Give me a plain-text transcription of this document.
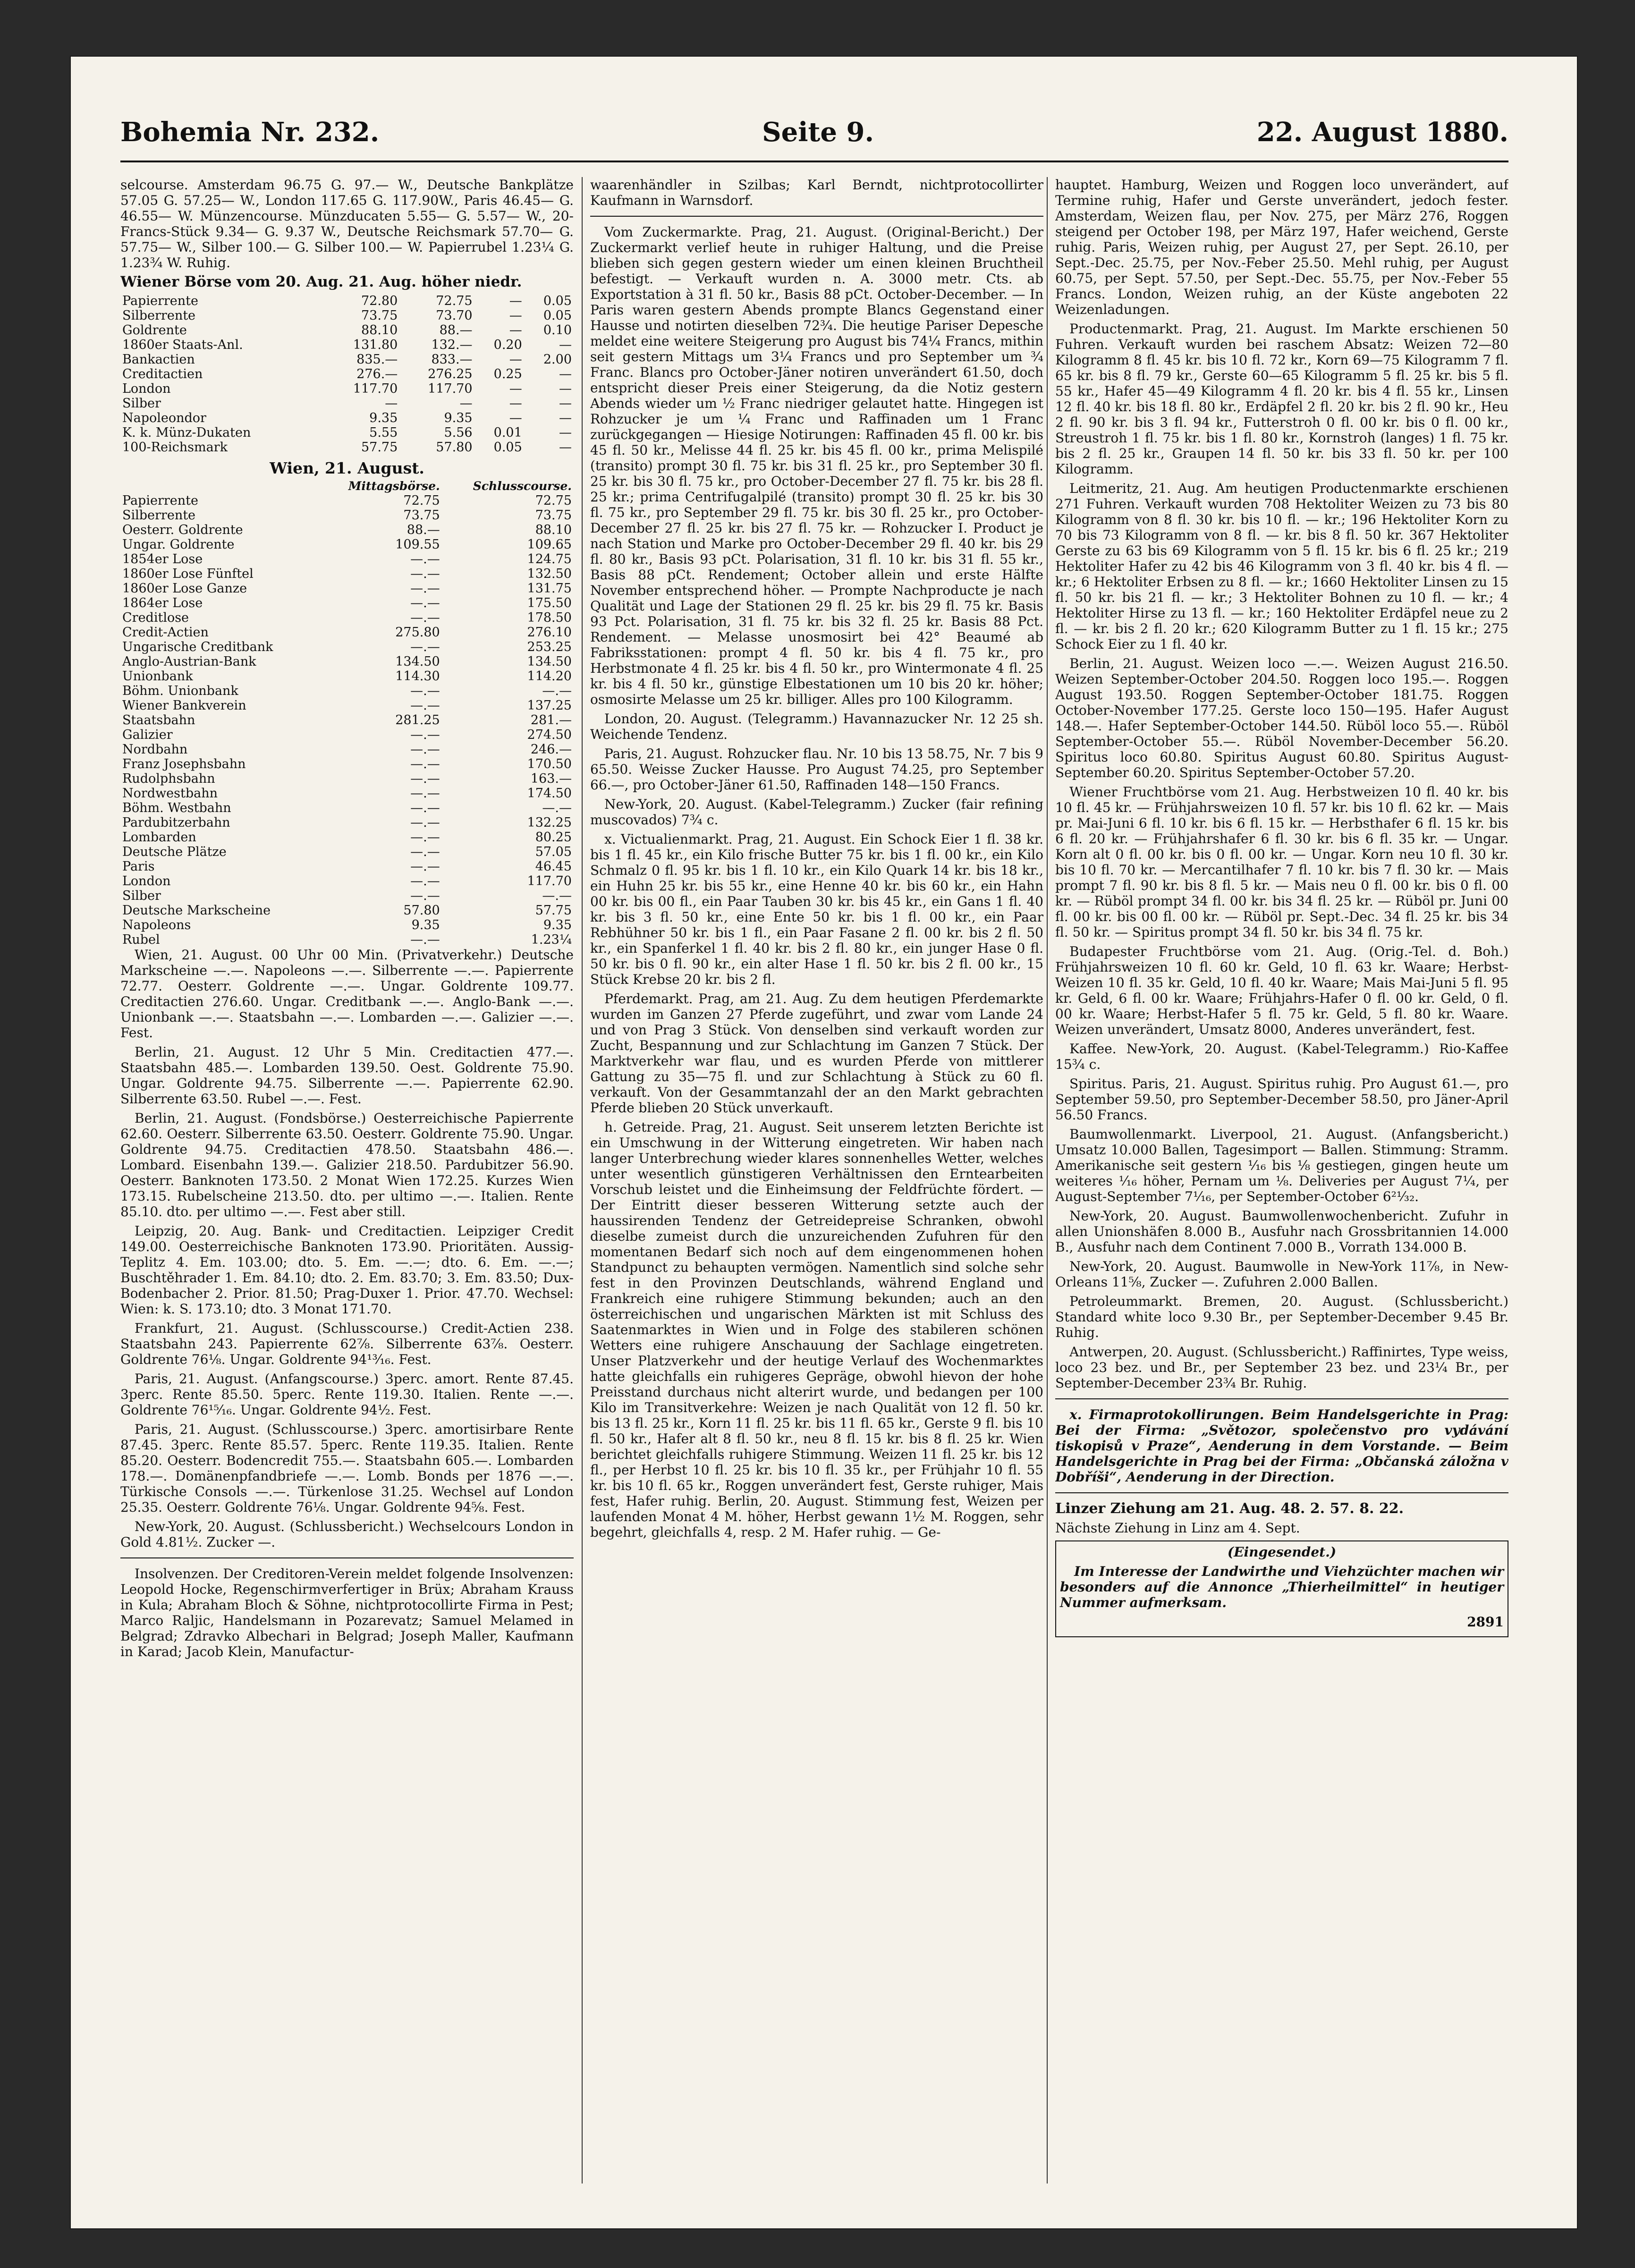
Bohemia Nr. 232.	Seite 9.	22. August 1880.

selcourse. Amsterdam 96.75 G. 97.— W., Deutsche Bankplätze 57.05 G. 57.25— W., London 117.65 G. 117.90W., Paris 46.45— G. 46.55— W. Münzencourse. Münzducaten 5.55— G. 5.57— W., 20-Francs-Stück 9.34— G. 9.37 W., Deutsche Reichsmark 57.70— G. 57.75— W., Silber 100.— G. Silber 100.— W. Papierrubel 1.23¼ G. 1.23¾ W. Ruhig.

Wiener Börse vom 20. Aug. 21. Aug. höher niedr.

Papierrente	72.80	72.75	—	0.05
Silberrente	73.75	73.70	—	0.05
Goldrente	88.10	88.—	—	0.10
1860er Staats-Anl.	131.80	132.—	0.20	—
Bankactien	835.—	833.—	—	2.00
Creditactien	276.—	276.25	0.25	—
London	117.70	117.70	—	—
Silber	—	—	—	—
Napoleondor	9.35	9.35	—	—
K. k. Münz-Dukaten	5.55	5.56	0.01	—
100-Reichsmark	57.75	57.80	0.05	—
Wien, 21. August.
	Mittagsbörse.	Schlusscourse.
Papierrente	72.75	72.75
Silberrente	73.75	73.75
Oesterr. Goldrente	88.—	88.10
Ungar. Goldrente	109.55	109.65
1854er Lose	—.—	124.75
1860er Lose Fünftel	—.—	132.50
1860er Lose Ganze	—.—	131.75
1864er Lose	—.—	175.50
Creditlose	—.—	178.50
Credit-Actien	275.80	276.10
Ungarische Creditbank	—.—	253.25
Anglo-Austrian-Bank	134.50	134.50
Unionbank	114.30	114.20
Böhm. Unionbank	—.—	—.—
Wiener Bankverein	—.—	137.25
Staatsbahn	281.25	281.—
Galizier	—.—	274.50
Nordbahn	—.—	246.—
Franz Josephsbahn	—.—	170.50
Rudolphsbahn	—.—	163.—
Nordwestbahn	—.—	174.50
Böhm. Westbahn	—.—	—.—
Pardubitzerbahn	—.—	132.25
Lombarden	—.—	80.25
Deutsche Plätze	—.—	57.05
Paris	—.—	46.45
London	—.—	117.70
Silber	—.—	—.—
Deutsche Markscheine	57.80	57.75
Napoleons	9.35	9.35
Rubel	—.—	1.23¼

Wien, 21. August. 00 Uhr 00 Min. (Privatverkehr.) Deutsche Markscheine —.—. Napoleons —.—. Silberrente —.—. Papierrente 72.77. Oesterr. Goldrente —.—. Ungar. Goldrente 109.77. Creditactien 276.60. Ungar. Creditbank —.—. Anglo-Bank —.—. Unionbank —.—. Staatsbahn —.—. Lombarden —.—. Galizier —.—. Fest.

Berlin, 21. August. 12 Uhr 5 Min. Creditactien 477.—. Staatsbahn 485.—. Lombarden 139.50. Oest. Goldrente 75.90. Ungar. Goldrente 94.75. Silberrente —.—. Papierrente 62.90. Silberrente 63.50. Rubel —.—. Fest.

Berlin, 21. August. (Fondsbörse.) Oesterreichische Papierrente 62.60. Oesterr. Silberrente 63.50. Oesterr. Goldrente 75.90. Ungar. Goldrente 94.75. Creditactien 478.50. Staatsbahn 486.—. Lombard. Eisenbahn 139.—. Galizier 218.50. Pardubitzer 56.90. Oesterr. Banknoten 173.50. 2 Monat Wien 172.25. Kurzes Wien 173.15. Rubelscheine 213.50. dto. per ultimo —.—. Italien. Rente 85.10. dto. per ultimo —.—. Fest aber still.

Leipzig, 20. Aug. Bank- und Creditactien. Leipziger Credit 149.00. Oesterreichische Banknoten 173.90. Prioritäten. Aussig-Teplitz 4. Em. 103.00; dto. 5. Em. —.—; dto. 6. Em. —.—; Buschtěhrader 1. Em. 84.10; dto. 2. Em. 83.70; 3. Em. 83.50; Dux-Bodenbacher 2. Prior. 81.50; Prag-Duxer 1. Prior. 47.70. Wechsel: Wien: k. S. 173.10; dto. 3 Monat 171.70.

Frankfurt, 21. August. (Schlusscourse.) Credit-Actien 238. Staatsbahn 243. Papierrente 62⅞. Silberrente 63⅞. Oesterr. Goldrente 76⅛. Ungar. Goldrente 94¹³⁄₁₆. Fest.

Paris, 21. August. (Anfangscourse.) 3perc. amort. Rente 87.45. 3perc. Rente 85.50. 5perc. Rente 119.30. Italien. Rente —.—. Goldrente 76¹⁵⁄₁₆. Ungar. Goldrente 94½. Fest.

Paris, 21. August. (Schlusscourse.) 3perc. amortisirbare Rente 87.45. 3perc. Rente 85.57. 5perc. Rente 119.35. Italien. Rente 85.20. Oesterr. Bodencredit 755.—. Staatsbahn 605.—. Lombarden 178.—. Domänenpfandbriefe —.—. Lomb. Bonds per 1876 —.—. Türkische Consols —.—. Türkenlose 31.25. Wechsel auf London 25.35. Oesterr. Goldrente 76⅛. Ungar. Goldrente 94⅝. Fest.

New-York, 20. August. (Schlussbericht.) Wechselcours London in Gold 4.81½. Zucker —.

Insolvenzen. Der Creditoren-Verein meldet folgende Insolvenzen: Leopold Hocke, Regenschirmverfertiger in Brüx; Abraham Krauss in Kula; Abraham Bloch & Söhne, nichtprotocollirte Firma in Pest; Marco Raljic, Handelsmann in Pozarevatz; Samuel Melamed in Belgrad; Zdravko Albechari in Belgrad; Joseph Maller, Kaufmann in Karad; Jacob Klein, Manufactur-

waarenhändler in Szilbas; Karl Berndt, nichtprotocollirter Kaufmann in Warnsdorf.

Vom Zuckermarkte. Prag, 21. August. (Original-Bericht.) Der Zuckermarkt verlief heute in ruhiger Haltung, und die Preise blieben sich gegen gestern wieder um einen kleinen Bruchtheil befestigt. — Verkauft wurden n. A. 3000 metr. Cts. ab Exportstation à 31 fl. 50 kr., Basis 88 pCt. October-December. — In Paris waren gestern Abends prompte Blancs Gegenstand einer Hausse und notirten dieselben 72¾. Die heutige Pariser Depesche meldet eine weitere Steigerung pro August bis 74¼ Francs, mithin seit gestern Mittags um 3¼ Francs und pro September um ¾ Franc. Blancs pro October-Jäner notiren unverändert 61.50, doch entspricht dieser Preis einer Steigerung, da die Notiz gestern Abends wieder um ½ Franc niedriger gelautet hatte. Hingegen ist Rohzucker je um ¼ Franc und Raffinaden um 1 Franc zurückgegangen — Hiesige Notirungen: Raffinaden 45 fl. 00 kr. bis 45 fl. 50 kr., Melisse 44 fl. 25 kr. bis 45 fl. 00 kr., prima Melispilé (transito) prompt 30 fl. 75 kr. bis 31 fl. 25 kr., pro September 30 fl. 25 kr. bis 30 fl. 75 kr., pro October-December 27 fl. 75 kr. bis 28 fl. 25 kr.; prima Centrifugalpilé (transito) prompt 30 fl. 25 kr. bis 30 fl. 75 kr., pro September 29 fl. 75 kr. bis 30 fl. 25 kr., pro October-December 27 fl. 25 kr. bis 27 fl. 75 kr. — Rohzucker I. Product je nach Station und Marke pro October-December 29 fl. 40 kr. bis 29 fl. 80 kr., Basis 93 pCt. Polarisation, 31 fl. 10 kr. bis 31 fl. 55 kr., Basis 88 pCt. Rendement; October allein und erste Hälfte November entsprechend höher. — Prompte Nachproducte je nach Qualität und Lage der Stationen 29 fl. 25 kr. bis 29 fl. 75 kr. Basis 93 Pct. Polarisation, 31 fl. 75 kr. bis 32 fl. 25 kr. Basis 88 Pct. Rendement. — Melasse unosmosirt bei 42° Beaumé ab Fabriksstationen: prompt 4 fl. 50 kr. bis 4 fl. 75 kr., pro Herbstmonate 4 fl. 25 kr. bis 4 fl. 50 kr., pro Wintermonate 4 fl. 25 kr. bis 4 fl. 50 kr., günstige Elbestationen um 10 bis 20 kr. höher; osmosirte Melasse um 25 kr. billiger. Alles pro 100 Kilogramm.

London, 20. August. (Telegramm.) Havannazucker Nr. 12 25 sh. Weichende Tendenz.

Paris, 21. August. Rohzucker flau. Nr. 10 bis 13 58.75, Nr. 7 bis 9 65.50. Weisse Zucker Hausse. Pro August 74.25, pro September 66.—, pro October-Jäner 61.50, Raffinaden 148—150 Francs.

New-York, 20. August. (Kabel-Telegramm.) Zucker (fair refining muscovados) 7¾ c.

x. Victualienmarkt. Prag, 21. August. Ein Schock Eier 1 fl. 38 kr. bis 1 fl. 45 kr., ein Kilo frische Butter 75 kr. bis 1 fl. 00 kr., ein Kilo Schmalz 0 fl. 95 kr. bis 1 fl. 10 kr., ein Kilo Quark 14 kr. bis 18 kr., ein Huhn 25 kr. bis 55 kr., eine Henne 40 kr. bis 60 kr., ein Hahn 00 kr. bis 00 fl., ein Paar Tauben 30 kr. bis 45 kr., ein Gans 1 fl. 40 kr. bis 3 fl. 50 kr., eine Ente 50 kr. bis 1 fl. 00 kr., ein Paar Rebhühner 50 kr. bis 1 fl., ein Paar Fasane 2 fl. 00 kr. bis 2 fl. 50 kr., ein Spanferkel 1 fl. 40 kr. bis 2 fl. 80 kr., ein junger Hase 0 fl. 50 kr. bis 0 fl. 90 kr., ein alter Hase 1 fl. 50 kr. bis 2 fl. 00 kr., 15 Stück Krebse 20 kr. bis 2 fl.

Pferdemarkt. Prag, am 21. Aug. Zu dem heutigen Pferdemarkte wurden im Ganzen 27 Pferde zugeführt, und zwar vom Lande 24 und von Prag 3 Stück. Von denselben sind verkauft worden zur Zucht, Bespannung und zur Schlachtung im Ganzen 7 Stück. Der Marktverkehr war flau, und es wurden Pferde von mittlerer Gattung zu 35—75 fl. und zur Schlachtung à Stück zu 60 fl. verkauft. Von der Gesammtanzahl der an den Markt gebrachten Pferde blieben 20 Stück unverkauft.

h. Getreide. Prag, 21. August. Seit unserem letzten Berichte ist ein Umschwung in der Witterung eingetreten. Wir haben nach langer Unterbrechung wieder klares sonnenhelles Wetter, welches unter wesentlich günstigeren Verhältnissen den Erntearbeiten Vorschub leistet und die Einheimsung der Feldfrüchte fördert. — Der Eintritt dieser besseren Witterung setzte auch der haussirenden Tendenz der Getreidepreise Schranken, obwohl dieselbe zumeist durch die unzureichenden Zufuhren für den momentanen Bedarf sich noch auf dem eingenommenen hohen Standpunct zu behaupten vermögen. Namentlich sind solche sehr fest in den Provinzen Deutschlands, während England und Frankreich eine ruhigere Stimmung bekunden; auch an den österreichischen und ungarischen Märkten ist mit Schluss des Saatenmarktes in Wien und in Folge des stabileren schönen Wetters eine ruhigere Anschauung der Sachlage eingetreten. Unser Platzverkehr und der heutige Verlauf des Wochenmarktes hatte gleichfalls ein ruhigeres Gepräge, obwohl hievon der hohe Preisstand durchaus nicht alterirt wurde, und bedangen per 100 Kilo im Transitverkehre: Weizen je nach Qualität von 12 fl. 50 kr. bis 13 fl. 25 kr., Korn 11 fl. 25 kr. bis 11 fl. 65 kr., Gerste 9 fl. bis 10 fl. 50 kr., Hafer alt 8 fl. 50 kr., neu 8 fl. 15 kr. bis 8 fl. 25 kr. Wien berichtet gleichfalls ruhigere Stimmung. Weizen 11 fl. 25 kr. bis 12 fl., per Herbst 10 fl. 25 kr. bis 10 fl. 35 kr., per Frühjahr 10 fl. 55 kr. bis 10 fl. 65 kr., Roggen unverändert fest, Gerste ruhiger, Mais fest, Hafer ruhig. Berlin, 20. August. Stimmung fest, Weizen per laufenden Monat 4 M. höher, Herbst gewann 1½ M. Roggen, sehr begehrt, gleichfalls 4, resp. 2 M. Hafer ruhig. — Ge-

hauptet. Hamburg, Weizen und Roggen loco unverändert, auf Termine ruhig, Hafer und Gerste unverändert, jedoch fester. Amsterdam, Weizen flau, per Nov. 275, per März 276, Roggen steigend per October 198, per März 197, Hafer weichend, Gerste ruhig. Paris, Weizen ruhig, per August 27, per Sept. 26.10, per Sept.-Dec. 25.75, per Nov.-Feber 25.50. Mehl ruhig, per August 60.75, per Sept. 57.50, per Sept.-Dec. 55.75, per Nov.-Feber 55 Francs. London, Weizen ruhig, an der Küste angeboten 22 Weizenladungen.

Productenmarkt. Prag, 21. August. Im Markte erschienen 50 Fuhren. Verkauft wurden bei raschem Absatz: Weizen 72—80 Kilogramm 8 fl. 45 kr. bis 10 fl. 72 kr., Korn 69—75 Kilogramm 7 fl. 65 kr. bis 8 fl. 79 kr., Gerste 60—65 Kilogramm 5 fl. 25 kr. bis 5 fl. 55 kr., Hafer 45—49 Kilogramm 4 fl. 20 kr. bis 4 fl. 55 kr., Linsen 12 fl. 40 kr. bis 18 fl. 80 kr., Erdäpfel 2 fl. 20 kr. bis 2 fl. 90 kr., Heu 2 fl. 90 kr. bis 3 fl. 94 kr., Futterstroh 0 fl. 00 kr. bis 0 fl. 00 kr., Streustroh 1 fl. 75 kr. bis 1 fl. 80 kr., Kornstroh (langes) 1 fl. 75 kr. bis 2 fl. 25 kr., Graupen 14 fl. 50 kr. bis 33 fl. 50 kr. per 100 Kilogramm.

Leitmeritz, 21. Aug. Am heutigen Productenmarkte erschienen 271 Fuhren. Verkauft wurden 708 Hektoliter Weizen zu 73 bis 80 Kilogramm von 8 fl. 30 kr. bis 10 fl. — kr.; 196 Hektoliter Korn zu 70 bis 73 Kilogramm von 8 fl. — kr. bis 8 fl. 50 kr. 367 Hektoliter Gerste zu 63 bis 69 Kilogramm von 5 fl. 15 kr. bis 6 fl. 25 kr.; 219 Hektoliter Hafer zu 42 bis 46 Kilogramm von 3 fl. 40 kr. bis 4 fl. — kr.; 6 Hektoliter Erbsen zu 8 fl. — kr.; 1660 Hektoliter Linsen zu 15 fl. 50 kr. bis 21 fl. — kr.; 3 Hektoliter Bohnen zu 10 fl. — kr.; 4 Hektoliter Hirse zu 13 fl. — kr.; 160 Hektoliter Erdäpfel neue zu 2 fl. — kr. bis 2 fl. 20 kr.; 620 Kilogramm Butter zu 1 fl. 15 kr.; 275 Schock Eier zu 1 fl. 40 kr.

Berlin, 21. August. Weizen loco —.—. Weizen August 216.50. Weizen September-October 204.50. Roggen loco 195.—. Roggen August 193.50. Roggen September-October 181.75. Roggen October-November 177.25. Gerste loco 150—195. Hafer August 148.—. Hafer September-October 144.50. Rüböl loco 55.—. Rüböl September-October 55.—. Rüböl November-December 56.20. Spiritus loco 60.80. Spiritus August 60.80. Spiritus August-September 60.20. Spiritus September-October 57.20.

Wiener Fruchtbörse vom 21. Aug. Herbstweizen 10 fl. 40 kr. bis 10 fl. 45 kr. — Frühjahrsweizen 10 fl. 57 kr. bis 10 fl. 62 kr. — Mais pr. Mai-Juni 6 fl. 10 kr. bis 6 fl. 15 kr. — Herbsthafer 6 fl. 15 kr. bis 6 fl. 20 kr. — Frühjahrshafer 6 fl. 30 kr. bis 6 fl. 35 kr. — Ungar. Korn alt 0 fl. 00 kr. bis 0 fl. 00 kr. — Ungar. Korn neu 10 fl. 30 kr. bis 10 fl. 70 kr. — Mercantilhafer 7 fl. 10 kr. bis 7 fl. 30 kr. — Mais prompt 7 fl. 90 kr. bis 8 fl. 5 kr. — Mais neu 0 fl. 00 kr. bis 0 fl. 00 kr. — Rüböl prompt 34 fl. 00 kr. bis 34 fl. 25 kr. — Rüböl pr. Juni 00 fl. 00 kr. bis 00 fl. 00 kr. — Rüböl pr. Sept.-Dec. 34 fl. 25 kr. bis 34 fl. 50 kr. — Spiritus prompt 34 fl. 50 kr. bis 34 fl. 75 kr.

Budapester Fruchtbörse vom 21. Aug. (Orig.-Tel. d. Boh.) Frühjahrsweizen 10 fl. 60 kr. Geld, 10 fl. 63 kr. Waare; Herbst-Weizen 10 fl. 35 kr. Geld, 10 fl. 40 kr. Waare; Mais Mai-Juni 5 fl. 95 kr. Geld, 6 fl. 00 kr. Waare; Frühjahrs-Hafer 0 fl. 00 kr. Geld, 0 fl. 00 kr. Waare; Herbst-Hafer 5 fl. 75 kr. Geld, 5 fl. 80 kr. Waare. Weizen unverändert, Umsatz 8000, Anderes unverändert, fest.

Kaffee. New-York, 20. August. (Kabel-Telegramm.) Rio-Kaffee 15¾ c.

Spiritus. Paris, 21. August. Spiritus ruhig. Pro August 61.—, pro September 59.50, pro September-December 58.50, pro Jäner-April 56.50 Francs.

Baumwollenmarkt. Liverpool, 21. August. (Anfangsbericht.) Umsatz 10.000 Ballen, Tagesimport — Ballen. Stimmung: Stramm. Amerikanische seit gestern ¹⁄₁₆ bis ⅛ gestiegen, gingen heute um weiteres ¹⁄₁₆ höher, Pernam um ⅛. Deliveries per August 7¹⁄₄, per August-September 7¹⁄₁₆, per September-October 6²¹⁄₃₂.

New-York, 20. August. Baumwollenwochenbericht. Zufuhr in allen Unionshäfen 8.000 B., Ausfuhr nach Grossbritannien 14.000 B., Ausfuhr nach dem Continent 7.000 B., Vorrath 134.000 B.

New-York, 20. August. Baumwolle in New-York 11⅞, in New-Orleans 11⅝, Zucker —. Zufuhren 2.000 Ballen.

Petroleummarkt. Bremen, 20. August. (Schlussbericht.) Standard white loco 9.30 Br., per September-December 9.45 Br. Ruhig.

Antwerpen, 20. August. (Schlussbericht.) Raffinirtes, Type weiss, loco 23 bez. und Br., per September 23 bez. und 23¼ Br., per September-December 23¾ Br. Ruhig.

x. Firmaprotokollirungen. Beim Handelsgerichte in Prag: Bei der Firma: „Světozor, společenstvo pro vydávání tiskopisů v Praze“, Aenderung in dem Vorstande. — Beim Handelsgerichte in Prag bei der Firma: „Občanská záložna v Dobříši“, Aenderung in der Direction.

Linzer Ziehung am 21. Aug. 48. 2. 57. 8. 22.

Nächste Ziehung in Linz am 4. Sept.

(Eingesendet.)

Im Interesse der Landwirthe und Viehzüchter machen wir besonders auf die Annonce „Thierheilmittel“ in heutiger Nummer aufmerksam.

2891
